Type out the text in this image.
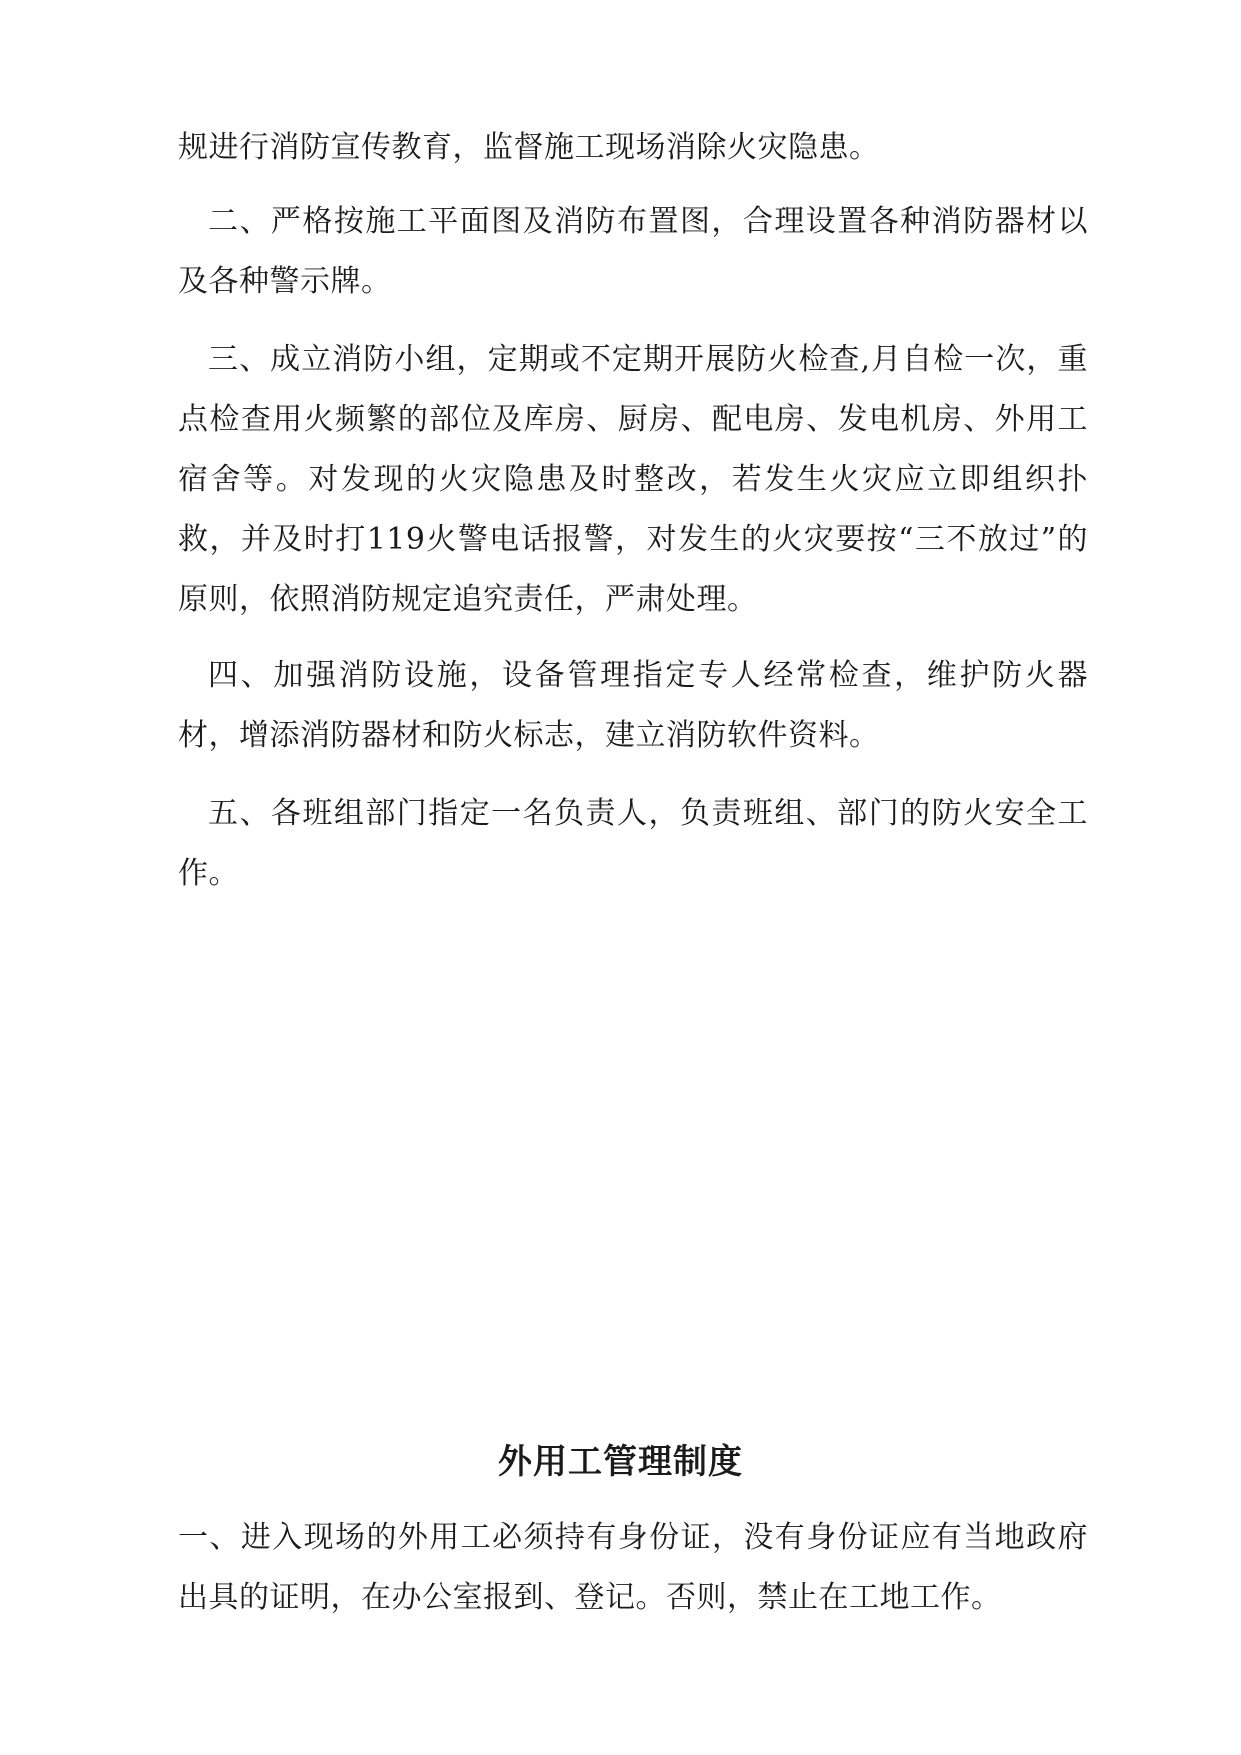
规进行消防宣传教育，监督施工现场消除火灾隐患。

二、严格按施工平面图及消防布置图，合理设置各种消防器材以及各种警示牌。

三、成立消防小组，定期或不定期开展防火检查,月自检一次，重点检查用火频繁的部位及库房、厨房、配电房、发电机房、外用工宿舍等。对发现的火灾隐患及时整改，若发生火灾应立即组织扑救，并及时打119火警电话报警，对发生的火灾要按“三不放过”的原则，依照消防规定追究责任，严肃处理。

四、加强消防设施，设备管理指定专人经常检查，维护防火器材，增添消防器材和防火标志，建立消防软件资料。

五、各班组部门指定一名负责人，负责班组、部门的防火安全工作。

外用工管理制度

一、进入现场的外用工必须持有身份证，没有身份证应有当地政府出具的证明，在办公室报到、登记。否则，禁止在工地工作。
